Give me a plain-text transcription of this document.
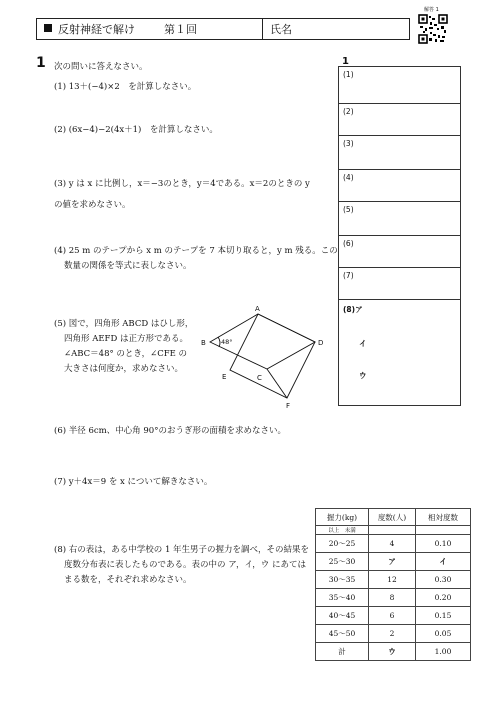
反射神経で解け	第１回	氏名
解答 1
1 次の問いに答えなさい。
(1) 13＋(−4)×2　を計算しなさい。
(2) (6x−4)−2(4x＋1)　を計算しなさい。
(3) y は x に比例し，x＝−3のとき，y＝4である。x＝2のときの y
の値を求めなさい。
(4) 25 m のテープから x m のテープを 7 本切り取ると，y m 残る。この
数量の関係を等式に表しなさい。
(5) 図で，四角形 ABCD はひし形，
四角形 AEFD は正方形である。
∠ABC＝48° のとき，∠CFE の
大きさは何度か，求めなさい。
(6) 半径 6cm、中心角 90°のおうぎ形の面積を求めなさい。
(7) y＋4x＝9 を x について解きなさい。
(8) 右の表は，ある中学校の 1 年生男子の握力を調べ，その結果を
度数分布表に表したものである。表の中の ア，イ，ウ にあては
まる数を，それぞれ求めなさい。
A
B
C
D
E
F
48°
1
(1)
(2)
(3)
(4)
(5)
(6)
(7)
(8)ア
イ
ウ
握力(kg)	度数(人)	相対度数
以上　未満		
20〜25	4	0.10
25〜30	ア	イ
30〜35	12	0.30
35〜40	8	0.20
40〜45	6	0.15
45〜50	2	0.05
計	ウ	1.00
